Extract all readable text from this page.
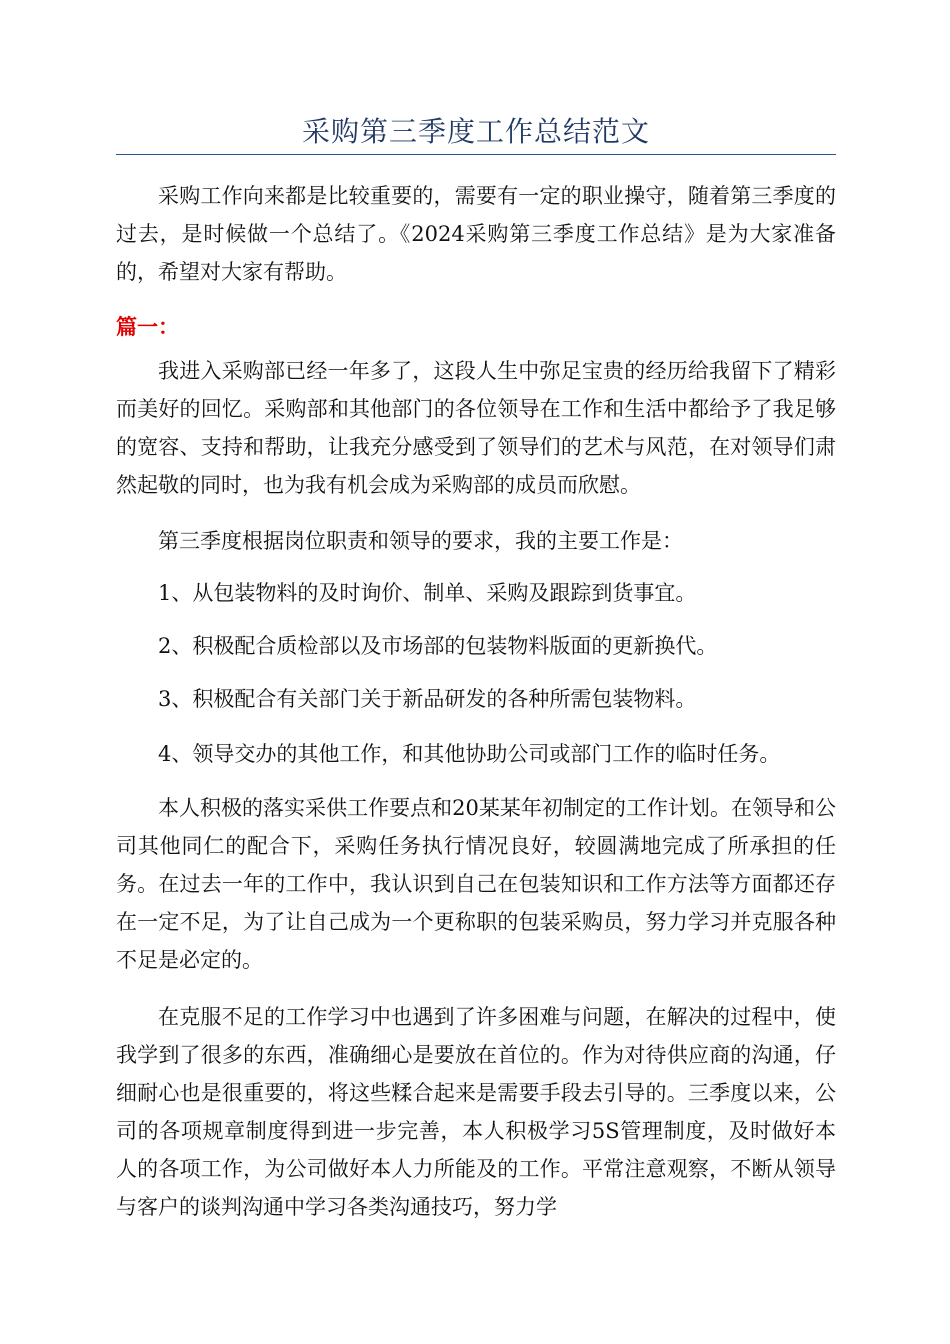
采购第三季度工作总结范文

采购工作向来都是比较重要的，需要有一定的职业操守，随着第三季度的过去，是时候做一个总结了。《2024采购第三季度工作总结》是为大家准备的，希望对大家有帮助。

篇一：

我进入采购部已经一年多了，这段人生中弥足宝贵的经历给我留下了精彩而美好的回忆。采购部和其他部门的各位领导在工作和生活中都给予了我足够的宽容、支持和帮助，让我充分感受到了领导们的艺术与风范，在对领导们肃然起敬的同时，也为我有机会成为采购部的成员而欣慰。

第三季度根据岗位职责和领导的要求，我的主要工作是：

1、从包装物料的及时询价、制单、采购及跟踪到货事宜。

2、积极配合质检部以及市场部的包装物料版面的更新换代。

3、积极配合有关部门关于新品研发的各种所需包装物料。

4、领导交办的其他工作，和其他协助公司或部门工作的临时任务。

本人积极的落实采供工作要点和20某某年初制定的工作计划。在领导和公司其他同仁的配合下，采购任务执行情况良好，较圆满地完成了所承担的任务。在过去一年的工作中，我认识到自己在包装知识和工作方法等方面都还存在一定不足，为了让自己成为一个更称职的包装采购员，努力学习并克服各种不足是必定的。

在克服不足的工作学习中也遇到了许多困难与问题，在解决的过程中，使我学到了很多的东西，准确细心是要放在首位的。作为对待供应商的沟通，仔细耐心也是很重要的，将这些糅合起来是需要手段去引导的。三季度以来，公司的各项规章制度得到进一步完善，本人积极学习5S管理制度，及时做好本人的各项工作，为公司做好本人力所能及的工作。平常注意观察，不断从领导与客户的谈判沟通中学习各类沟通技巧，努力学
